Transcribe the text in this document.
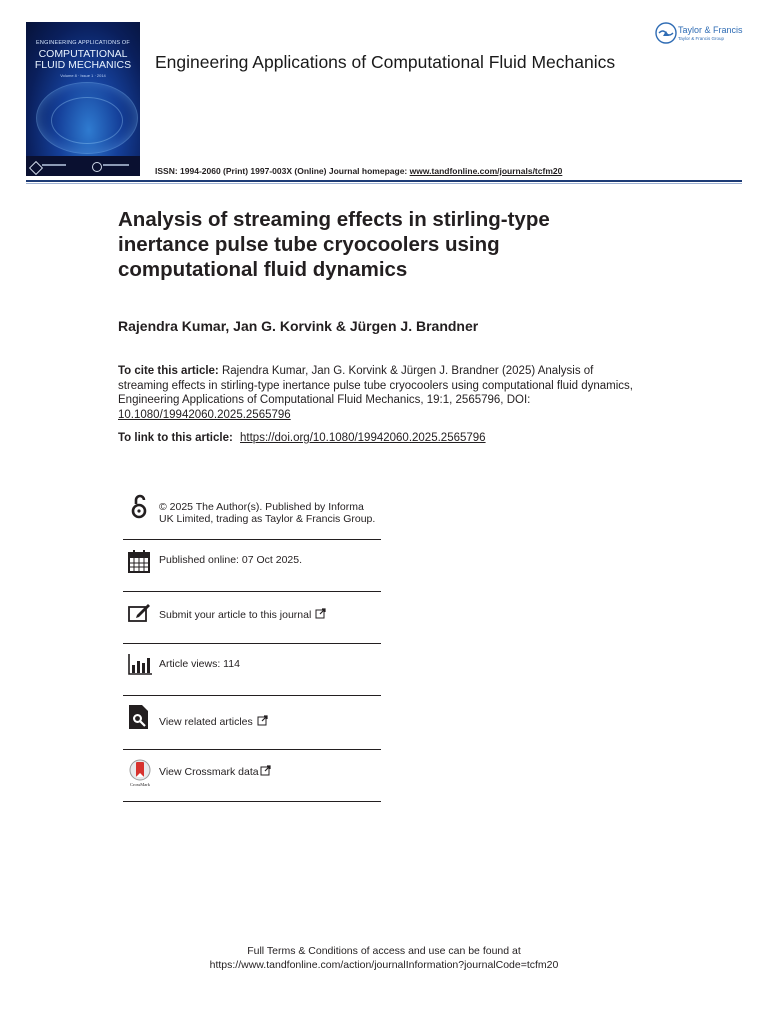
ENGINEERING APPLICATIONS OF
COMPUTATIONAL FLUID MECHANICS
Volume 8 · Issue 1 · 2014
Engineering Applications of Computational Fluid Mechanics
Taylor & Francis
Taylor & Francis Group
ISSN: 1994-2060 (Print) 1997-003X (Online) Journal homepage: www.tandfonline.com/journals/tcfm20
Analysis of streaming effects in stirling-type inertance pulse tube cryocoolers using computational fluid dynamics
Rajendra Kumar, Jan G. Korvink & Jürgen J. Brandner
To cite this article: Rajendra Kumar, Jan G. Korvink & Jürgen J. Brandner (2025) Analysis of streaming effects in stirling-type inertance pulse tube cryocoolers using computational fluid dynamics, Engineering Applications of Computational Fluid Mechanics, 19:1, 2565796, DOI:
10.1080/19942060.2025.2565796
To link to this article: https://doi.org/10.1080/19942060.2025.2565796
© 2025 The Author(s). Published by Informa UK Limited, trading as Taylor & Francis Group.
Published online: 07 Oct 2025.
Submit your article to this journal
Article views: 114
View related articles
CrossMark
View Crossmark data
Full Terms & Conditions of access and use can be found at
https://www.tandfonline.com/action/journalInformation?journalCode=tcfm20
